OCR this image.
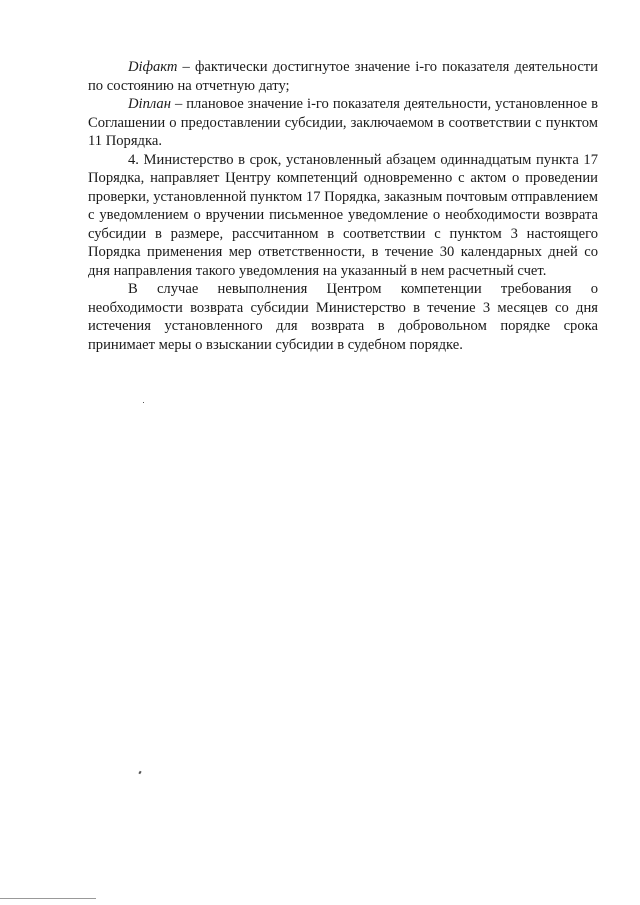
Diфакт – фактически достигнутое значение i-го показателя деятельности по состоянию на отчетную дату;

Diплан – плановое значение i-го показателя деятельности, установленное в Соглашении о предоставлении субсидии, заключаемом в соответствии с пунктом 11 Порядка.

4. Министерство в срок, установленный абзацем одиннадцатым пункта 17 Порядка, направляет Центру компетенций одновременно с актом о проведении проверки, установленной пунктом 17 Порядка, заказным почтовым отправлением с уведомлением о вручении письменное уведомление о необходимости возврата субсидии в размере, рассчитанном в соответствии с пунктом 3 настоящего Порядка применения мер ответственности, в течение 30 календарных дней со дня направления такого уведомления на указанный в нем расчетный счет.

В случае невыполнения Центром компетенции требования о необходимости возврата субсидии Министерство в течение 3 месяцев со дня истечения установленного для возврата в добровольном порядке срока принимает меры о взыскании субсидии в судебном порядке.
